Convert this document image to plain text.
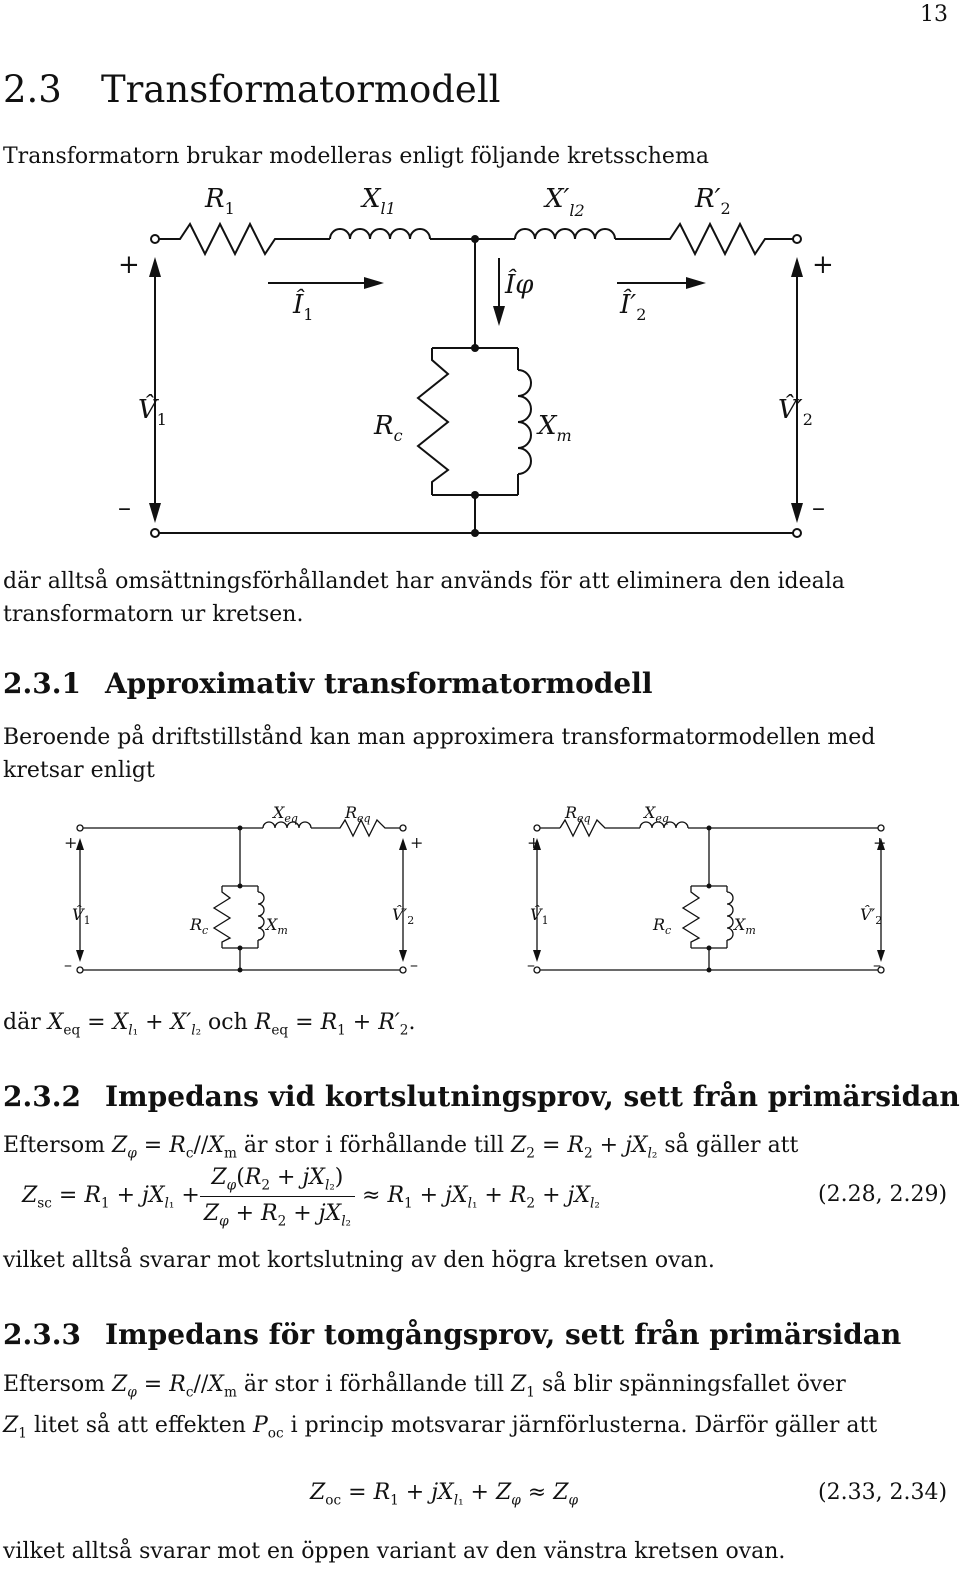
13
2.3 Transformatormodell
Transformatorn brukar modelleras enligt följande kretsschema
$R_1$	$X_{l1}$	$X'_{l2}$	$R'_2$
$Î_1$
Îφ
$Î'_2$
$V̂_1$	$V̂'_2$
$R_c$	$X_m$
+	+
–	–
där alltså omsättningsförhållandet har används för att eliminera den ideala transformatorn ur kretsen.
2.3.1 Approximativ transformatormodell
Beroende på driftstillstånd kan man approximera transformatormodellen med kretsar enligt
$X_{eq}$	$R_{eq}$	$R_{eq}$	$X_{eq}$
$V̂_1$	$V̂'_2$
$R_c$	$X_m$
$V̂_1$	$V̂'_2$
$R_c$	$X_m$
+	+	+	+
–	–	–	–
där $X_{eq} = X_{l_1} + X'_{l_2}$ och $R_{eq} = R_1 + R'_2$.
2.3.2 Impedans vid kortslutningsprov, sett från primärsidan
Eftersom $Z_\varphi = R_c//X_m$ är stor i förhållande till $Z_2 = R_2 + jX_{l_2}$ så gäller att
$Z_{sc} = R_1 + jX_{l_1} + \frac{Z_\varphi(R_2 + jX_{l_2})}{Z_\varphi + R_2 + jX_{l_2}} \approx R_1 + jX_{l_1} + R_2 + jX_{l_2}$	(2.28, 2.29)
vilket alltså svarar mot kortslutning av den högra kretsen ovan.
2.3.3 Impedans för tomgångsprov, sett från primärsidan
Eftersom $Z_\varphi = R_c//X_m$ är stor i förhållande till $Z_1$ så blir spänningsfallet över
$Z_1$ litet så att effekten $P_{oc}$ i princip motsvarar järnförlusterna. Därför gäller att
$Z_{oc} = R_1 + jX_{l_1} + Z_\varphi \approx Z_\varphi$	(2.33, 2.34)
vilket alltså svarar mot en öppen variant av den vänstra kretsen ovan.
